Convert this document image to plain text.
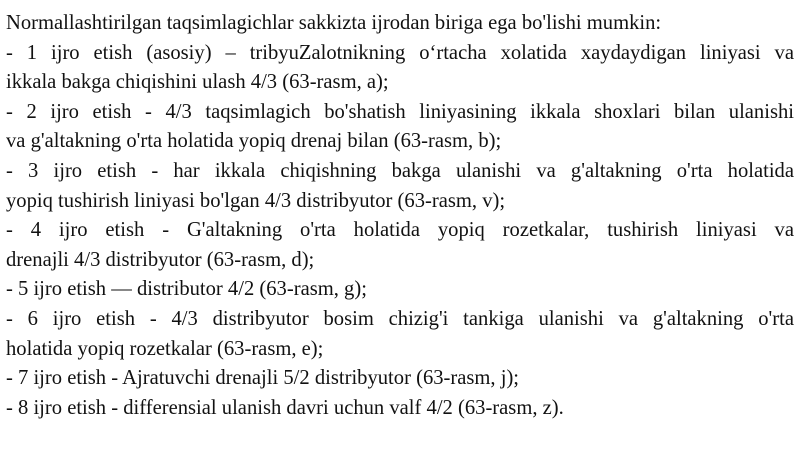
Normallashtirilgan taqsimlagichlar sakkizta ijrodan biriga ega bo'lishi mumkin:
- 1 ijro etish (asosiy) – tribyuZalotnikning o‘rtacha xolatida xaydaydigan liniyasi va
ikkala bakga chiqishini ulash 4/3 (63-rasm, a);
- 2 ijro etish - 4/3 taqsimlagich bo'shatish liniyasining ikkala shoxlari bilan ulanishi
va g'altakning o'rta holatida yopiq drenaj bilan (63-rasm, b);
- 3 ijro etish - har ikkala chiqishning bakga ulanishi va g'altakning o'rta holatida
yopiq tushirish liniyasi bo'lgan 4/3 distribyutor (63-rasm, v);
- 4 ijro etish - G'altakning o'rta holatida yopiq rozetkalar, tushirish liniyasi va
drenajli 4/3 distribyutor (63-rasm, d);
- 5 ijro etish — distributor 4/2 (63-rasm, g);
- 6 ijro etish - 4/3 distribyutor bosim chizig'i tankiga ulanishi va g'altakning o'rta
holatida yopiq rozetkalar (63-rasm, e);
- 7 ijro etish - Ajratuvchi drenajli 5/2 distribyutor (63-rasm, j);
- 8 ijro etish - differensial ulanish davri uchun valf 4/2 (63-rasm, z).
